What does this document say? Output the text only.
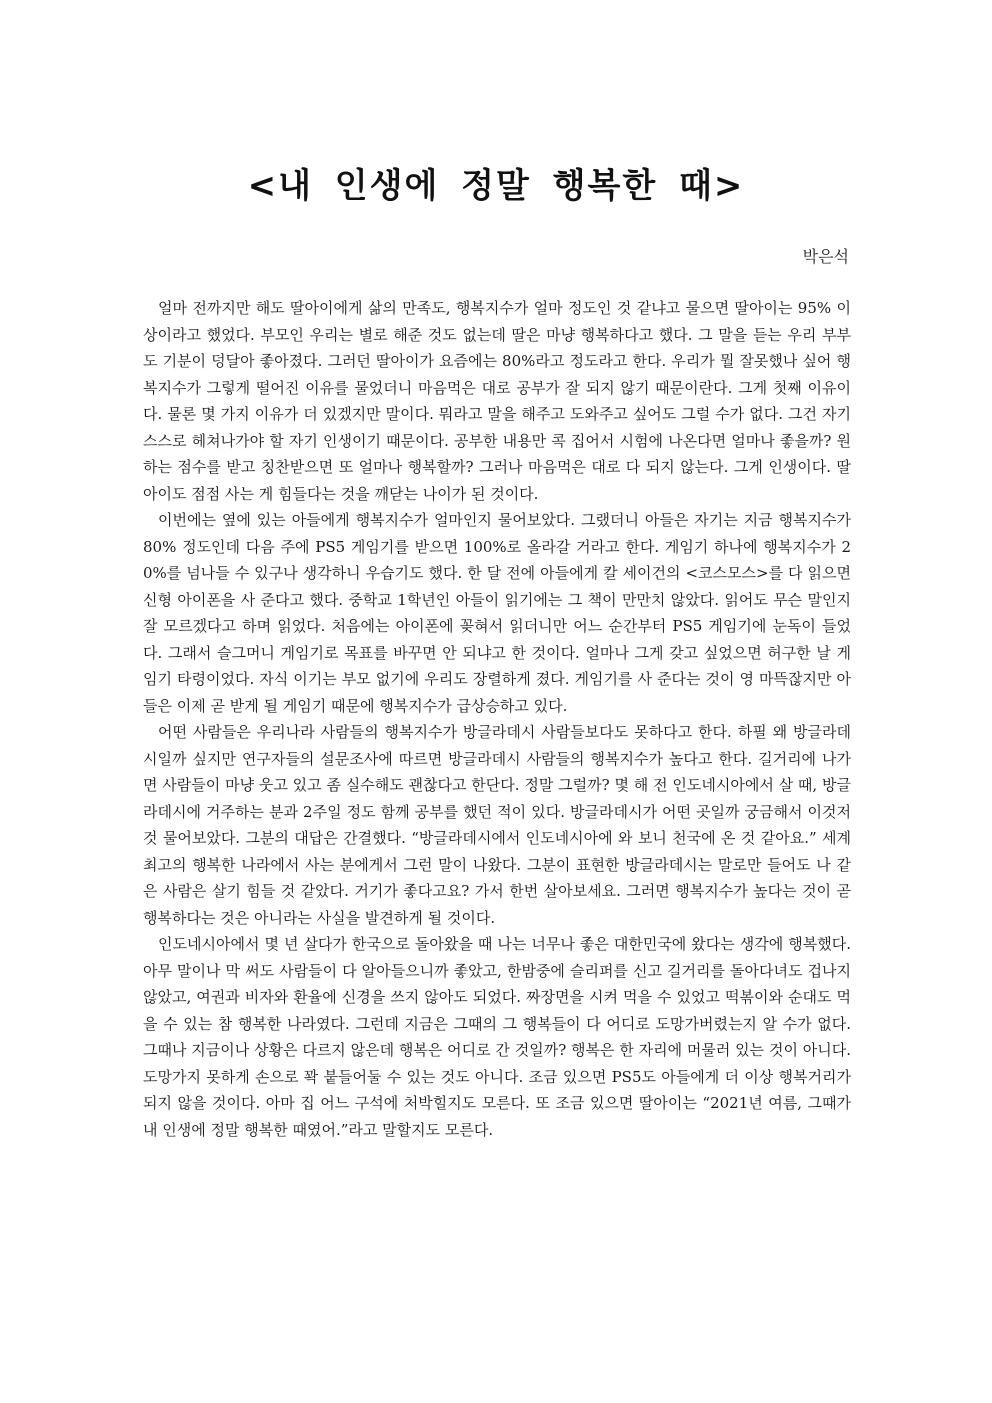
<내 인생에 정말 행복한 때>

박은석

얼마 전까지만 해도 딸아이에게 삶의 만족도, 행복지수가 얼마 정도인 것 같냐고 물으면 딸아이는 95% 이상이라고 했었다. 부모인 우리는 별로 해준 것도 없는데 딸은 마냥 행복하다고 했다. 그 말을 듣는 우리 부부도 기분이 덩달아 좋아졌다. 그러던 딸아이가 요즘에는 80%라고 정도라고 한다. 우리가 뭘 잘못했나 싶어 행복지수가 그렇게 떨어진 이유를 물었더니 마음먹은 대로 공부가 잘 되지 않기 때문이란다. 그게 첫째 이유이다. 물론 몇 가지 이유가 더 있겠지만 말이다. 뭐라고 말을 해주고 도와주고 싶어도 그럴 수가 없다. 그건 자기 스스로 헤쳐나가야 할 자기 인생이기 때문이다. 공부한 내용만 콕 집어서 시험에 나온다면 얼마나 좋을까? 원하는 점수를 받고 칭찬받으면 또 얼마나 행복할까? 그러나 마음먹은 대로 다 되지 않는다. 그게 인생이다. 딸아이도 점점 사는 게 힘들다는 것을 깨닫는 나이가 된 것이다.

이번에는 옆에 있는 아들에게 행복지수가 얼마인지 물어보았다. 그랬더니 아들은 자기는 지금 행복지수가 80% 정도인데 다음 주에 PS5 게임기를 받으면 100%로 올라갈 거라고 한다. 게임기 하나에 행복지수가 20%를 넘나들 수 있구나 생각하니 우습기도 했다. 한 달 전에 아들에게 칼 세이건의 <코스모스>를 다 읽으면 신형 아이폰을 사 준다고 했다. 중학교 1학년인 아들이 읽기에는 그 책이 만만치 않았다. 읽어도 무슨 말인지 잘 모르겠다고 하며 읽었다. 처음에는 아이폰에 꽂혀서 읽더니만 어느 순간부터 PS5 게임기에 눈독이 들었다. 그래서 슬그머니 게임기로 목표를 바꾸면 안 되냐고 한 것이다. 얼마나 그게 갖고 싶었으면 허구한 날 게임기 타령이었다. 자식 이기는 부모 없기에 우리도 장렬하게 졌다. 게임기를 사 준다는 것이 영 마뜩잖지만 아들은 이제 곧 받게 될 게임기 때문에 행복지수가 급상승하고 있다.

어떤 사람들은 우리나라 사람들의 행복지수가 방글라데시 사람들보다도 못하다고 한다. 하필 왜 방글라데시일까 싶지만 연구자들의 설문조사에 따르면 방글라데시 사람들의 행복지수가 높다고 한다. 길거리에 나가면 사람들이 마냥 웃고 있고 좀 실수해도 괜찮다고 한단다. 정말 그럴까? 몇 해 전 인도네시아에서 살 때, 방글라데시에 거주하는 분과 2주일 정도 함께 공부를 했던 적이 있다. 방글라데시가 어떤 곳일까 궁금해서 이것저것 물어보았다. 그분의 대답은 간결했다. “방글라데시에서 인도네시아에 와 보니 천국에 온 것 같아요.” 세계 최고의 행복한 나라에서 사는 분에게서 그런 말이 나왔다. 그분이 표현한 방글라데시는 말로만 들어도 나 같은 사람은 살기 힘들 것 같았다. 거기가 좋다고요? 가서 한번 살아보세요. 그러면 행복지수가 높다는 것이 곧 행복하다는 것은 아니라는 사실을 발견하게 될 것이다.

인도네시아에서 몇 년 살다가 한국으로 돌아왔을 때 나는 너무나 좋은 대한민국에 왔다는 생각에 행복했다. 아무 말이나 막 써도 사람들이 다 알아들으니까 좋았고, 한밤중에 슬리퍼를 신고 길거리를 돌아다녀도 겁나지 않았고, 여권과 비자와 환율에 신경을 쓰지 않아도 되었다. 짜장면을 시켜 먹을 수 있었고 떡볶이와 순대도 먹을 수 있는 참 행복한 나라였다. 그런데 지금은 그때의 그 행복들이 다 어디로 도망가버렸는지 알 수가 없다. 그때나 지금이나 상황은 다르지 않은데 행복은 어디로 간 것일까? 행복은 한 자리에 머물러 있는 것이 아니다. 도망가지 못하게 손으로 꽉 붙들어둘 수 있는 것도 아니다. 조금 있으면 PS5도 아들에게 더 이상 행복거리가 되지 않을 것이다. 아마 집 어느 구석에 처박힐지도 모른다. 또 조금 있으면 딸아이는 “2021년 여름, 그때가 내 인생에 정말 행복한 때였어.”라고 말할지도 모른다.
